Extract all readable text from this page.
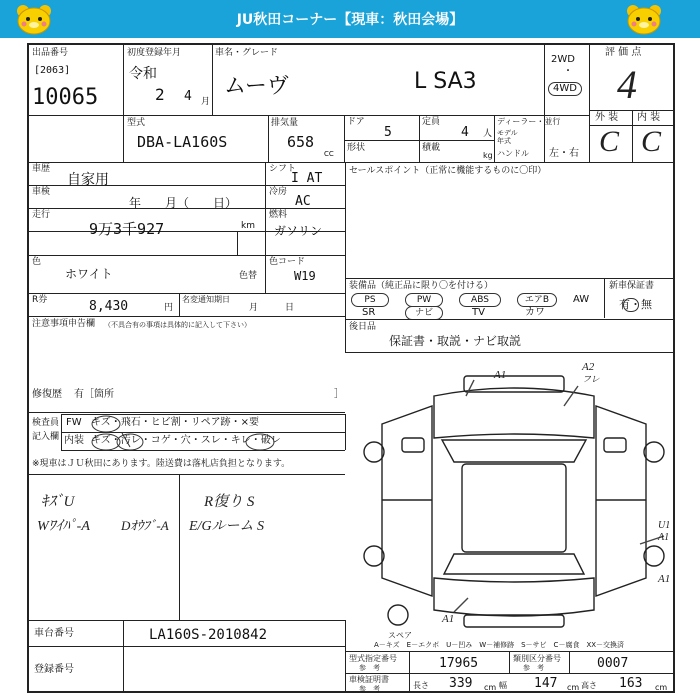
JU秋田コーナー【現車：秋田会場】
出品番号
[2063]
10065
初度登録年月
令和
2 4 月
車名・グレード
ムーヴ	L SA3
2WD
・
4WD
評 価 点
4
外 装 内 装
C C
型式
DBA-LA160S
排気量
658
CC
ドア
5
形状
定員
4 人
積載
kg
ディーラー・並行
モデル
年式
ハンドル 左・右
車歴
自家用
シフト
I AT
車検
年　　月（　　日）
冷房
AC
走行
9万3千927	km
燃料
ガソリン
色
ホワイト	色替
色コード
W19
R券	8,430	円
名変通知期日
月　　　日
セールスポイント（正常に機能するものに〇印）
装備品（純正品に限り〇を付ける）	新車保証書
有・無
PS	PW	ABS	エアB	AW
SR	ナビ	TV	カワ
後日品
保証書・取説・ナビ取説
注意事項申告欄 （不具合有の事項は具体的に記入して下さい）
修復歴 有［箇所	］
検査員
記入欄
FW キズ・飛石・ヒビ割・リペア跡・×要
内装 キズ・汚レ・コゲ・穴・スレ・キレ・破レ
※現車はＪＵ秋田にあります。陸送費は落札店負担となります。
ｷｽﾞU
Wﾜｲﾊﾟ-A Dｵｳﾌﾞ-A
R復り S
E/Gルーム S
A1
A2
フレ
U1
A1
A1
A1
スペア
A－キズ　E－エクボ　U－凹み　W－補修跡　S－サビ　C－腐食　XX－交換済
車台番号	LA160S-2010842
登録番号
型式指定番号
参　考	17965	類別区分番号
参　考	0007
車検証明書
参　考	長さ 339 cm 幅 147 cm 高さ 163 cm
